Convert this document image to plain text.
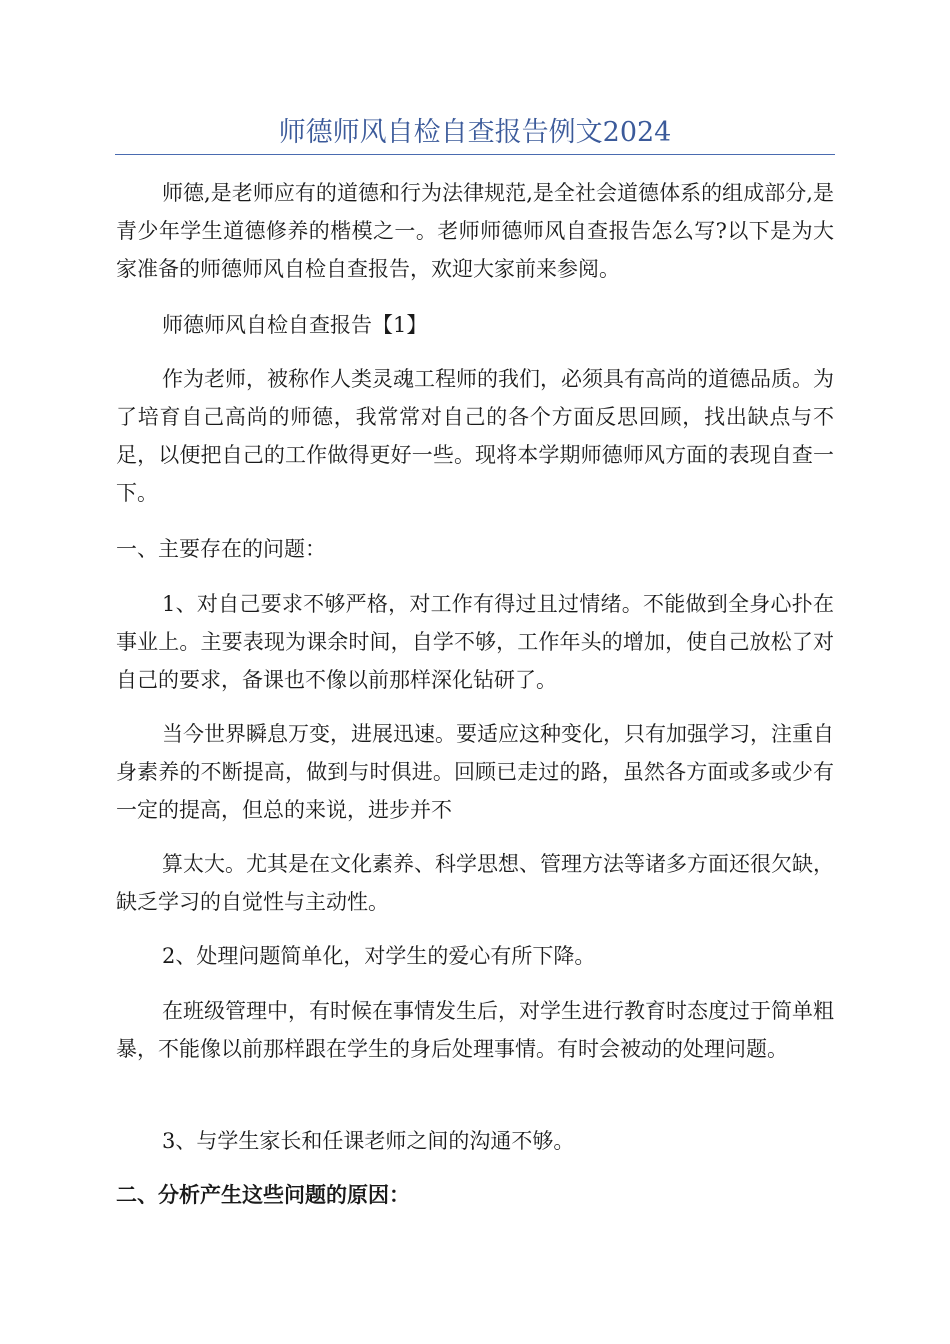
师德师风自检自查报告例文2024

师德,是老师应有的道德和行为法律规范,是全社会道德体系的组成部分,是青少年学生道德修养的楷模之一。老师师德师风自查报告怎么写?以下是为大家准备的师德师风自检自查报告，欢迎大家前来参阅。

师德师风自检自查报告【1】

作为老师，被称作人类灵魂工程师的我们，必须具有高尚的道德品质。为了培育自己高尚的师德，我常常对自己的各个方面反思回顾，找出缺点与不足，以便把自己的工作做得更好一些。现将本学期师德师风方面的表现自查一下。

一、主要存在的问题：

1、对自己要求不够严格，对工作有得过且过情绪。不能做到全身心扑在事业上。主要表现为课余时间，自学不够，工作年头的增加，使自己放松了对自己的要求，备课也不像以前那样深化钻研了。

当今世界瞬息万变，进展迅速。要适应这种变化，只有加强学习，注重自身素养的不断提高，做到与时俱进。回顾已走过的路，虽然各方面或多或少有一定的提高，但总的来说，进步并不

算太大。尤其是在文化素养、科学思想、管理方法等诸多方面还很欠缺，缺乏学习的自觉性与主动性。

2、处理问题简单化，对学生的爱心有所下降。

在班级管理中，有时候在事情发生后，对学生进行教育时态度过于简单粗暴，不能像以前那样跟在学生的身后处理事情。有时会被动的处理问题。

3、与学生家长和任课老师之间的沟通不够。

二、分析产生这些问题的原因：
